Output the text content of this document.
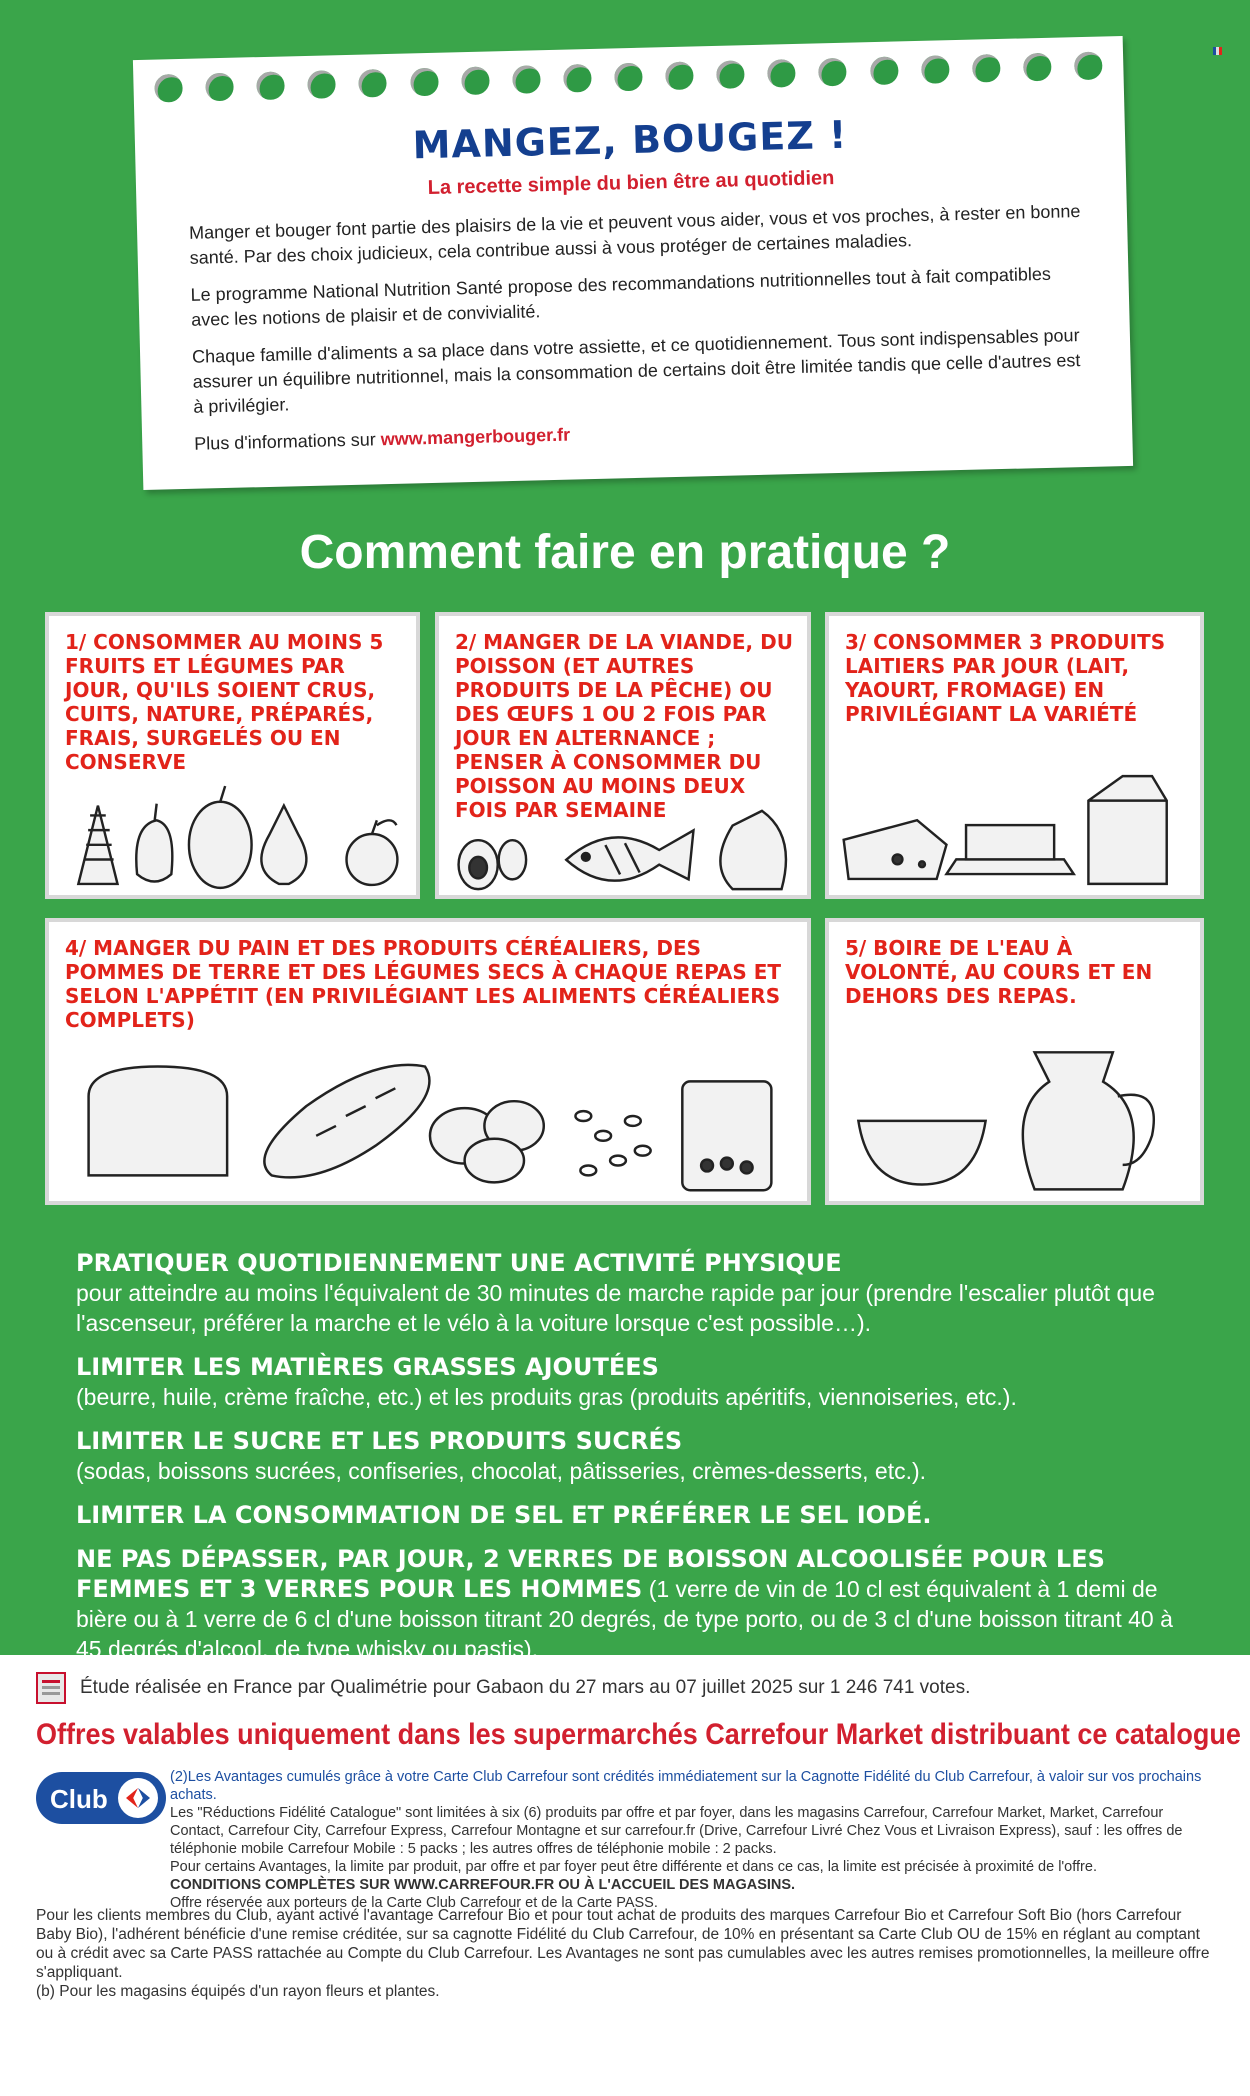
MANGEZ, BOUGEZ !
La recette simple du bien être au quotidien

Manger et bouger font partie des plaisirs de la vie et peuvent vous aider, vous et vos proches, à rester en bonne santé. Par des choix judicieux, cela contribue aussi à vous protéger de certaines maladies.

Le programme National Nutrition Santé propose des recommandations nutritionnelles tout à fait compatibles avec les notions de plaisir et de convivialité.

Chaque famille d'aliments a sa place dans votre assiette, et ce quotidiennement. Tous sont indispensables pour assurer un équilibre nutritionnel, mais la consommation de certains doit être limitée tandis que celle d'autres est à privilégier.

Plus d'informations sur www.mangerbouger.fr

Comment faire en pratique ?
1/ CONSOMMER AU MOINS 5 FRUITS ET LÉGUMES PAR JOUR, QU'ILS SOIENT CRUS, CUITS, NATURE, PRÉPARÉS, FRAIS, SURGELÉS OU EN CONSERVE
2/ MANGER DE LA VIANDE, DU POISSON (ET AUTRES PRODUITS DE LA PÊCHE) OU DES ŒUFS 1 OU 2 FOIS PAR JOUR EN ALTERNANCE ; PENSER À CONSOMMER DU POISSON AU MOINS DEUX FOIS PAR SEMAINE
3/ CONSOMMER 3 PRODUITS LAITIERS PAR JOUR (LAIT, YAOURT, FROMAGE) EN PRIVILÉGIANT LA VARIÉTÉ
4/ MANGER DU PAIN ET DES PRODUITS CÉRÉALIERS, DES POMMES DE TERRE ET DES LÉGUMES SECS À CHAQUE REPAS ET SELON L'APPÉTIT (EN PRIVILÉGIANT LES ALIMENTS CÉRÉALIERS COMPLETS)
5/ BOIRE DE L'EAU À VOLONTÉ, AU COURS ET EN DEHORS DES REPAS.
PRATIQUER QUOTIDIENNEMENT UNE ACTIVITÉ PHYSIQUE
pour atteindre au moins l'équivalent de 30 minutes de marche rapide par jour (prendre l'escalier plutôt que l'ascenseur, préférer la marche et le vélo à la voiture lorsque c'est possible…).
LIMITER LES MATIÈRES GRASSES AJOUTÉES
(beurre, huile, crème fraîche, etc.) et les produits gras (produits apéritifs, viennoiseries, etc.).
LIMITER LE SUCRE ET LES PRODUITS SUCRÉS
(sodas, boissons sucrées, confiseries, chocolat, pâtisseries, crèmes-desserts, etc.).
LIMITER LA CONSOMMATION DE SEL ET PRÉFÉRER LE SEL IODÉ.
NE PAS DÉPASSER, PAR JOUR, 2 VERRES DE BOISSON ALCOOLISÉE POUR LES FEMMES ET 3 VERRES POUR LES HOMMES (1 verre de vin de 10 cl est équivalent à 1 demi de bière ou à 1 verre de 6 cl d'une boisson titrant 20 degrés, de type porto, ou de 3 cl d'une boisson titrant 40 à 45 degrés d'alcool, de type whisky ou pastis).
Étude réalisée en France par Qualimétrie pour Gabaon du 27 mars au 07 juillet 2025 sur 1 246 741 votes.
Offres valables uniquement dans les supermarchés Carrefour Market distribuant ce catalogue
Club
(2)Les Avantages cumulés grâce à votre Carte Club Carrefour sont crédités immédiatement sur la Cagnotte Fidélité du Club Carrefour, à valoir sur vos prochains achats.
Les "Réductions Fidélité Catalogue" sont limitées à six (6) produits par offre et par foyer, dans les magasins Carrefour, Carrefour Market, Market, Carrefour Contact, Carrefour City, Carrefour Express, Carrefour Montagne et sur carrefour.fr (Drive, Carrefour Livré Chez Vous et Livraison Express), sauf : les offres de téléphonie mobile Carrefour Mobile : 5 packs ; les autres offres de téléphonie mobile : 2 packs.
Pour certains Avantages, la limite par produit, par offre et par foyer peut être différente et dans ce cas, la limite est précisée à proximité de l'offre.
CONDITIONS COMPLÈTES SUR WWW.CARREFOUR.FR OU À L'ACCUEIL DES MAGASINS.
Offre réservée aux porteurs de la Carte Club Carrefour et de la Carte PASS.
Pour les clients membres du Club, ayant activé l'avantage Carrefour Bio et pour tout achat de produits des marques Carrefour Bio et Carrefour Soft Bio (hors Carrefour Baby Bio), l'adhérent bénéficie d'une remise créditée, sur sa cagnotte Fidélité du Club Carrefour, de 10% en présentant sa Carte Club OU de 15% en réglant au comptant ou à crédit avec sa Carte PASS rattachée au Compte du Club Carrefour. Les Avantages ne sont pas cumulables avec les autres remises promotionnelles, la meilleure offre s'appliquant.
(b) Pour les magasins équipés d'un rayon fleurs et plantes.
